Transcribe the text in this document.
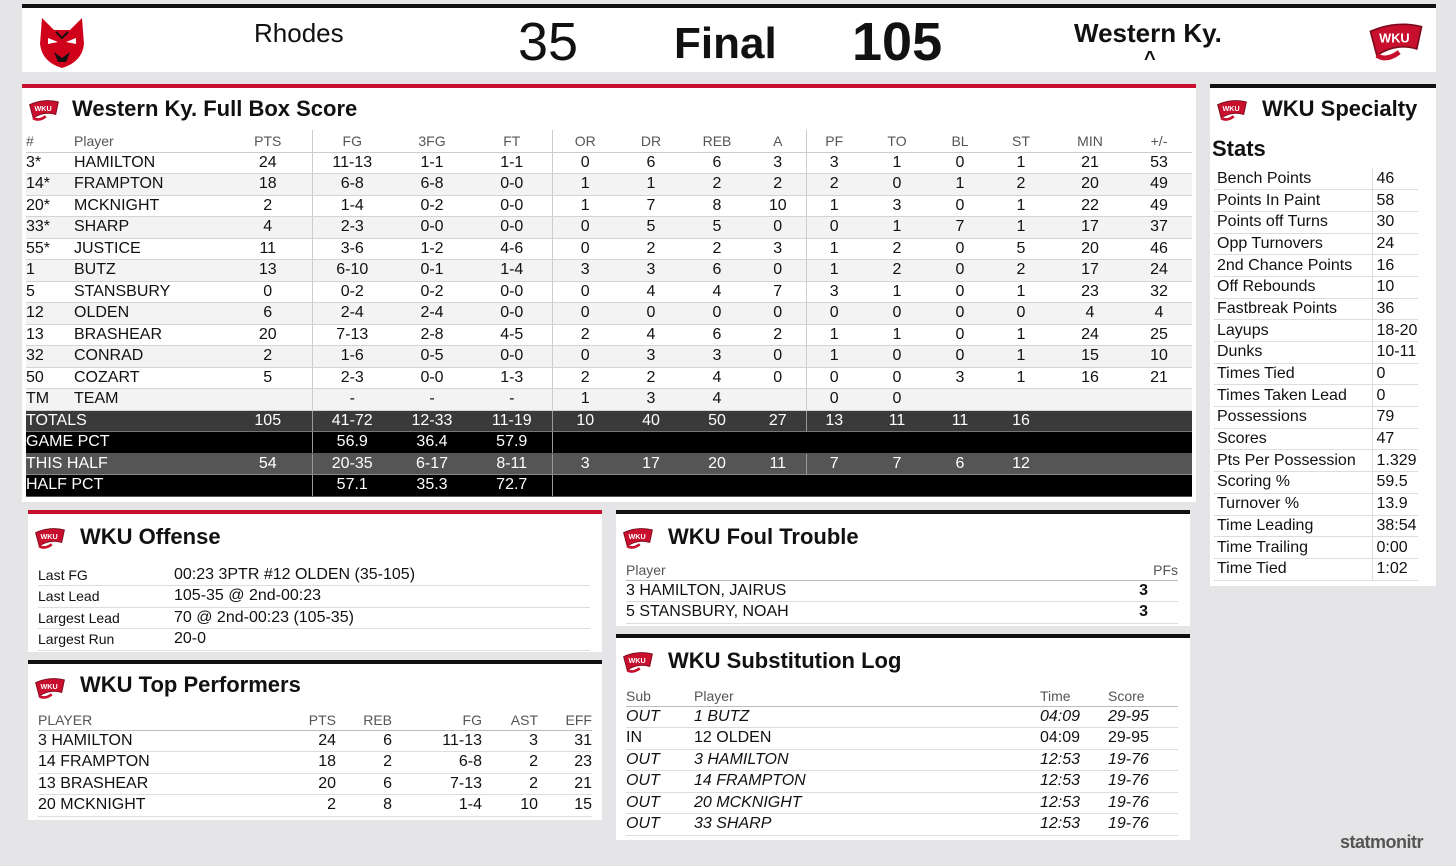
Rhodes	35 Final 105	Western Ky.
^
Western Ky. Full Box Score
#	Player	PTS	FG	3FG	FT	OR	DR	REB	A	PF	TO	BL	ST	MIN	+/-
3*	HAMILTON	24	11-13	1-1	1-1	0	6	6	3	3	1	0	1	21	53
14*	FRAMPTON	18	6-8	6-8	0-0	1	1	2	2	2	0	1	2	20	49
20*	MCKNIGHT	2	1-4	0-2	0-0	1	7	8	10	1	3	0	1	22	49
33*	SHARP	4	2-3	0-0	0-0	0	5	5	0	0	1	7	1	17	37
55*	JUSTICE	11	3-6	1-2	4-6	0	2	2	3	1	2	0	5	20	46
1	BUTZ	13	6-10	0-1	1-4	3	3	6	0	1	2	0	2	17	24
5	STANSBURY	0	0-2	0-2	0-0	0	4	4	7	3	1	0	1	23	32
12	OLDEN	6	2-4	2-4	0-0	0	0	0	0	0	0	0	0	4	4
13	BRASHEAR	20	7-13	2-8	4-5	2	4	6	2	1	1	0	1	24	25
32	CONRAD	2	1-6	0-5	0-0	0	3	3	0	1	0	0	1	15	10
50	COZART	5	2-3	0-0	1-3	2	2	4	0	0	0	3	1	16	21
TM	TEAM		-	-	-	1	3	4		0	0				
TOTALS		105	41-72	12-33	11-19	10	40	50	27	13	11	11	16		
GAME PCT			56.9	36.4	57.9										
THIS HALF		54	20-35	6-17	8-11	3	17	20	11	7	7	6	12		
HALF PCT			57.1	35.3	72.7										
WKU Specialty
Stats
Bench Points	46
Points In Paint	58
Points off Turns	30
Opp Turnovers	24
2nd Chance Points	16
Off Rebounds	10
Fastbreak Points	36
Layups	18-20
Dunks	10-11
Times Tied	0
Times Taken Lead	0
Possessions	79
Scores	47
Pts Per Possession	1.329
Scoring %	59.5
Turnover %	13.9
Time Leading	38:54
Time Trailing	0:00
Time Tied	1:02
WKU Offense
Last FG	00:23 3PTR #12 OLDEN (35-105)
Last Lead	105-35 @ 2nd-00:23
Largest Lead	70 @ 2nd-00:23 (105-35)
Largest Run	20-0
WKU Top Performers
PLAYER	PTS	REB	FG	AST	EFF
3 HAMILTON	24	6	11-13	3	31
14 FRAMPTON	18	2	6-8	2	23
13 BRASHEAR	20	6	7-13	2	21
20 MCKNIGHT	2	8	1-4	10	15
WKU Foul Trouble
Player	PFs
3 HAMILTON, JAIRUS	3
5 STANSBURY, NOAH	3
WKU Substitution Log
Sub	Player	Time	Score
OUT	1 BUTZ	04:09	29-95
IN	12 OLDEN	04:09	29-95
OUT	3 HAMILTON	12:53	19-76
OUT	14 FRAMPTON	12:53	19-76
OUT	20 MCKNIGHT	12:53	19-76
OUT	33 SHARP	12:53	19-76
statmonitr
